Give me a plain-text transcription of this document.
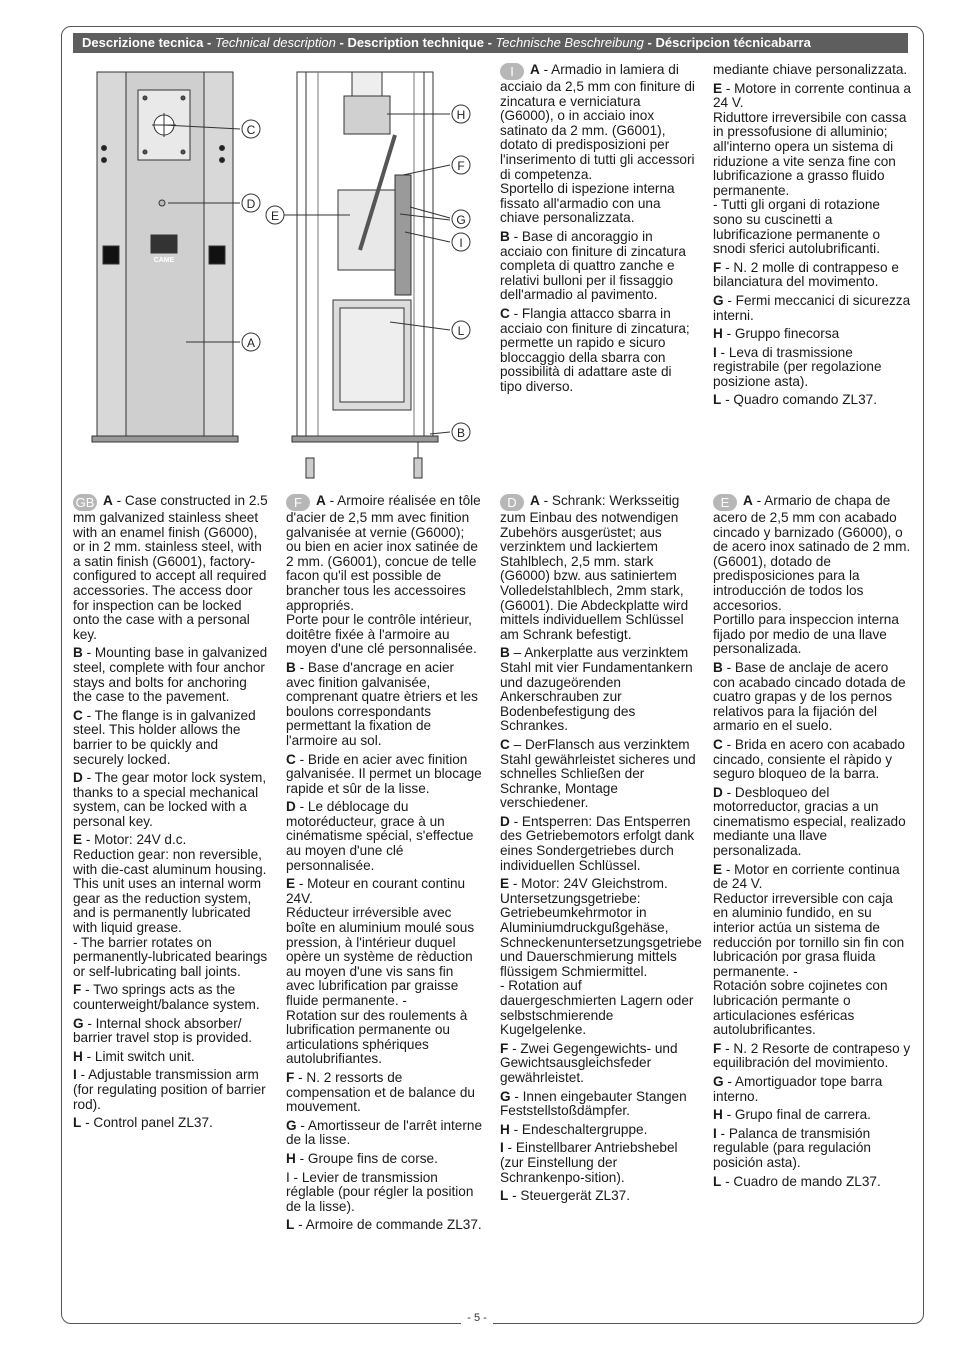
Descrizione tecnica - Technical description - Description technique - Technische Beschreibung - Déscripcion técnicabarra
CAME
C
D
A
H
F
E	G
I
L
B

I A - Armadio in lamiera di acciaio da 2,5 mm con finiture di zincatura e verniciatura (G6000), o in acciaio inox satinato da 2 mm. (G6001), dotato di predisposizioni per l'inserimento di tutti gli accessori di competenza.
Sportello di ispezione interna fissato all'armadio con una chiave personalizzata.

B - Base di ancoraggio in acciaio con finiture di zincatura completa di quattro zanche e relativi bulloni per il fissaggio dell'armadio al pavimento.

C - Flangia attacco sbarra in acciaio con finiture di zincatura; permette un rapido e sicuro bloccaggio della sbarra con possibilità di adattare aste di tipo diverso.

mediante chiave personalizzata.

E - Motore in corrente continua a 24 V.
Riduttore irreversibile con cassa in pressofusione di alluminio; all'interno opera un sistema di riduzione a vite senza fine con lubrificazione a grasso fluido permanente.
- Tutti gli organi di rotazione sono su cuscinetti a lubrificazione permanente o snodi sferici autolubrificanti.

F - N. 2 molle di contrappeso e bilanciatura del movimento.

G - Fermi meccanici di sicurezza interni.

H - Gruppo finecorsa

I - Leva di trasmissione registrabile (per regolazione posizione asta).

L - Quadro comando ZL37.

GB A - Case constructed in 2.5 mm galvanized stainless sheet with an enamel finish (G6000), or in 2 mm. stainless steel, with a satin finish (G6001), factory-configured to accept all required accessories. The access door for inspection can be locked onto the case with a personal key.

B - Mounting base in galvanized steel, complete with four anchor stays and bolts for anchoring the case to the pavement.

C - The flange is in galvanized steel. This holder allows the barrier to be quickly and securely locked.

D - The gear motor lock system, thanks to a special mechanical system, can be locked with a personal key.

E - Motor: 24V d.c.
Reduction gear: non reversible, with die-cast aluminum housing. This unit uses an internal worm gear as the reduction system, and is permanently lubricated with liquid grease.
- The barrier rotates on permanently-lubricated bearings or self-lubricating ball joints.

F - Two springs acts as the counterweight/balance system.

G - Internal shock absorber/ barrier travel stop is provided.

H - Limit switch unit.

I - Adjustable transmission arm (for regulating position of barrier rod).

L - Control panel ZL37.

F A - Armoire réalisée en tôle d'acier de 2,5 mm avec finition galvanisée at vernie (G6000); ou bien en acier inox satinée de 2 mm. (G6001), concue de telle facon qu'il est possible de brancher tous les accessoires appropriés.
Porte pour le contrôle intérieur, doitêtre fixée à l'armoire au moyen d'une clé personnalisée.

B - Base d'ancrage en acier avec finition galvanisée, comprenant quatre ètriers et les boulons correspondants permettant la fixation de l'armoire au sol.

C - Bride en acier avec finition galvanisée. Il permet un blocage rapide et sûr de la lisse.

D - Le déblocage du motoréducteur, grace à un cinématisme spécial, s'effectue au moyen d'une clé personnalisée.

E - Moteur en courant continu 24V.
Réducteur irréversible avec boîte en aluminium moulé sous pression, à l'intérieur duquel opère un système de rèduction au moyen d'une vis sans fin avec lubrification par graisse fluide permanente. -
Rotation sur des roulements à lubrification permanente ou articulations sphériques autolubrifiantes.

F - N. 2 ressorts de compensation et de balance du mouvement.

G - Amortisseur de l'arrêt interne de la lisse.

H - Groupe fins de corse.

I - Levier de transmission réglable (pour régler la position de la lisse).

L - Armoire de commande ZL37.

D A - Schrank: Werksseitig zum Einbau des notwendigen Zubehörs ausgerüstet; aus verzinktem und lackiertem Stahlblech, 2,5 mm. stark (G6000) bzw. aus satiniertem Volledelstahlblech, 2mm stark, (G6001). Die Abdeckplatte wird mittels individuellem Schlüssel am Schrank befestigt.

B – Ankerplatte aus verzinktem Stahl mit vier Fundamentankern und dazugeörenden Ankerschrauben zur Bodenbefestigung des Schrankes.

C – DerFlansch aus verzinktem Stahl gewährleistet sicheres und schnelles Schließen der Schranke, Montage verschiedener.

D - Entsperren: Das Entsperren des Getriebemotors erfolgt dank eines Sondergetriebes durch individuellen Schlüssel.

E - Motor: 24V Gleichstrom. Untersetzungsgetriebe: Getriebeumkehrmotor in Aluminiumdruckgußgehäse, Schneckenuntersetzungsgetriebe und Dauerschmierung mittels flüssigem Schmiermittel.
- Rotation auf dauergeschmierten Lagern oder selbstschmierende Kugelgelenke.

F - Zwei Gegengewichts- und Gewichtsausgleichsfeder gewährleistet.

G - Innen eingebauter Stangen Feststellstoßdämpfer.

H - Endeschaltergruppe.

I - Einstellbarer Antriebshebel (zur Einstellung der Schrankenpo-sition).

L - Steuergerät ZL37.

E A - Armario de chapa de acero de 2,5 mm con acabado cincado y barnizado (G6000), o de acero inox satinado de 2 mm. (G6001), dotado de predisposiciones para la introducción de todos los accesorios.
Portillo para inspeccion interna fijado por medio de una llave personalizada.

B - Base de anclaje de acero con acabado cincado dotada de cuatro grapas y de los pernos relativos para la fijación del armario en el suelo.

C - Brida en acero con acabado cincado, consiente el ràpido y seguro bloqueo de la barra.

D - Desbloqueo del motorreductor, gracias a un cinematismo especial, realizado mediante una llave personalizada.

E - Motor en corriente continua de 24 V.
Reductor irreversible con caja en aluminio fundido, en su interior actúa un sistema de reducción por tornillo sin fin con lubricación por grasa fluida permanente. -
Rotación sobre cojinetes con lubricación permante o articulaciones esféricas autolubrificantes.

F - N. 2 Resorte de contrapeso y equilibración del movimiento.

G - Amortiguador tope barra interno.

H - Grupo final de carrera.

I - Palanca de transmisión regulable (para regulación posición asta).

L - Cuadro de mando ZL37.

- 5 -
